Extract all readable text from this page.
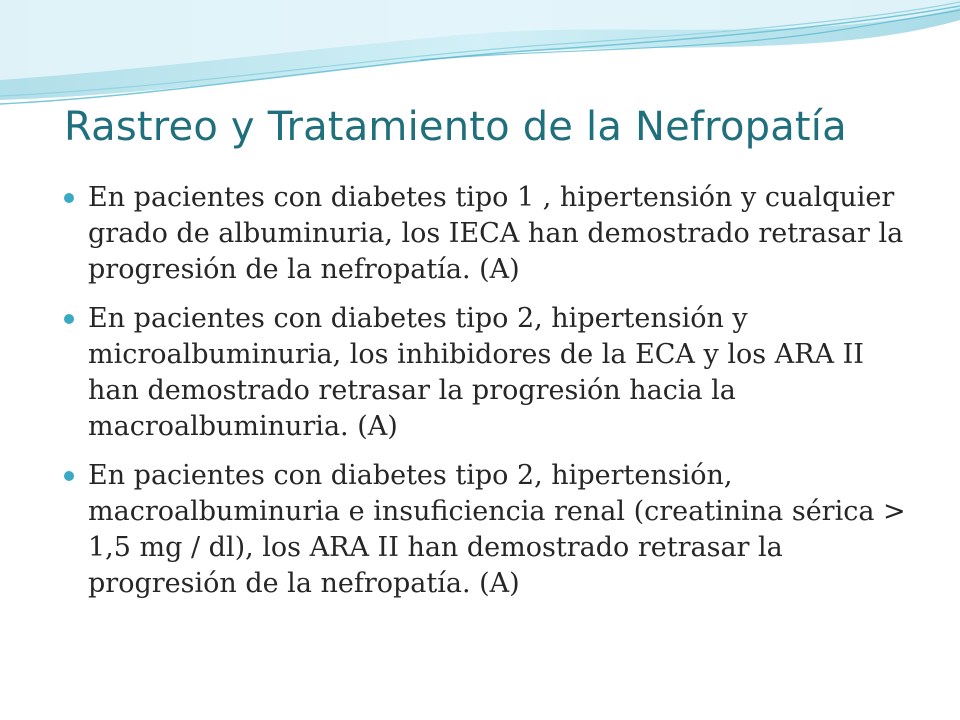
Rastreo y Tratamiento de la Nefropatía
En pacientes con diabetes tipo 1 , hipertensión y cualquier grado de albuminuria, los IECA han demostrado retrasar la progresión de la nefropatía. (A)
En pacientes con diabetes tipo 2, hipertensión y microalbuminuria, los inhibidores de la ECA y los ARA II han demostrado retrasar la progresión hacia la macroalbuminuria. (A)
En pacientes con diabetes tipo 2, hipertensión, macroalbuminuria e insuficiencia renal (creatinina sérica > 1,5 mg / dl), los ARA II han demostrado retrasar la progresión de la nefropatía. (A)
